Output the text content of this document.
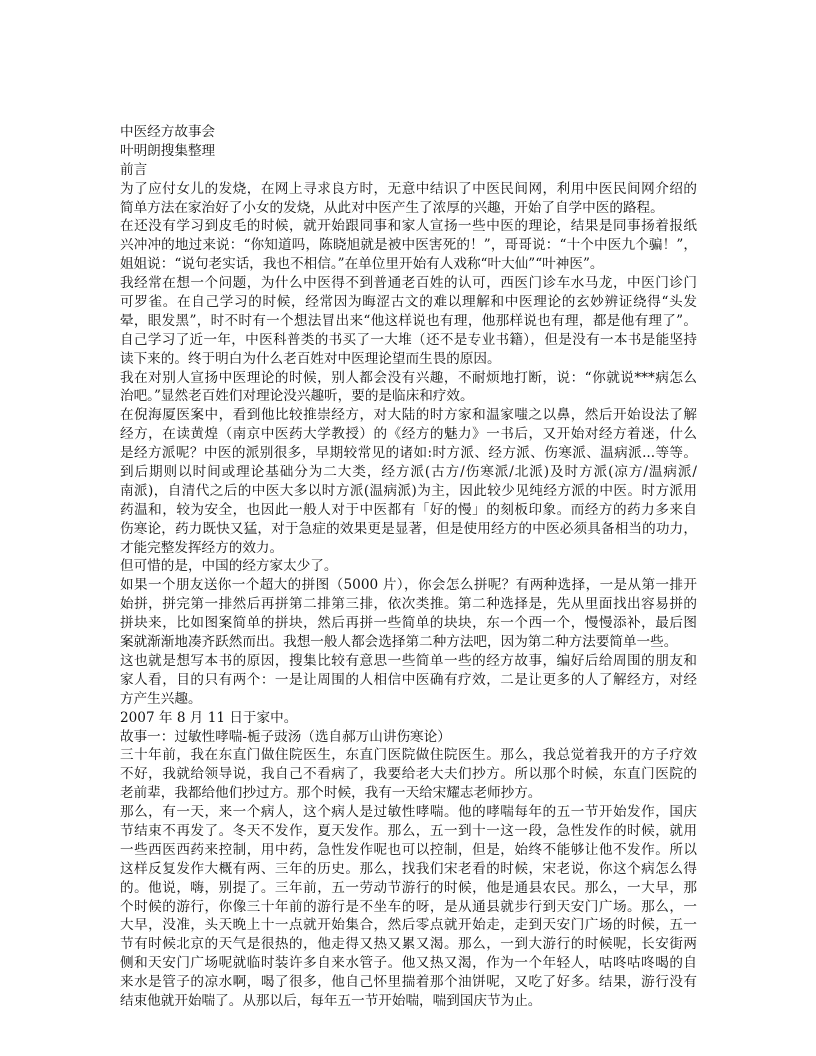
中医经方故事会
叶明朗搜集整理
前言
为了应付女儿的发烧，在网上寻求良方时，无意中结识了中医民间网，利用中医民间网介绍的
简单方法在家治好了小女的发烧，从此对中医产生了浓厚的兴趣，开始了自学中医的路程。
在还没有学习到皮毛的时候，就开始跟同事和家人宣扬一些中医的理论，结果是同事扬着报纸
兴冲冲的地过来说：“你知道吗，陈晓旭就是被中医害死的！”，哥哥说：“十个中医九个骗！”，
姐姐说：“说句老实话，我也不相信。”在单位里开始有人戏称“叶大仙”“叶神医”。
我经常在想一个问题，为什么中医得不到普通老百姓的认可，西医门诊车水马龙，中医门诊门
可罗雀。在自己学习的时候，经常因为晦涩古文的难以理解和中医理论的玄妙辨证绕得“头发
晕，眼发黑”，时不时有一个想法冒出来“他这样说也有理，他那样说也有理，都是他有理了”。
自己学习了近一年，中医科普类的书买了一大堆（还不是专业书籍），但是没有一本书是能坚持
读下来的。终于明白为什么老百姓对中医理论望而生畏的原因。
我在对别人宣扬中医理论的时候，别人都会没有兴趣，不耐烦地打断，说：“你就说***病怎么
治吧。”显然老百姓们对理论没兴趣听，要的是临床和疗效。
在倪海厦医案中，看到他比较推崇经方，对大陆的时方家和温家嗤之以鼻，然后开始设法了解
经方，在读黄煌（南京中医药大学教授）的《经方的魅力》一书后，又开始对经方着迷，什么
是经方派呢？中医的派别很多，早期较常见的诸如:时方派、经方派、伤寒派、温病派...等等。
到后期则以时间或理论基础分为二大类，经方派(古方/伤寒派/北派)及时方派(凉方/温病派/
南派)，自清代之后的中医大多以时方派(温病派)为主，因此较少见纯经方派的中医。时方派用
药温和，较为安全，也因此一般人对于中医都有「好的慢」的刻板印象。而经方的药力多来自
伤寒论，药力既快又猛，对于急症的效果更是显著，但是使用经方的中医必须具备相当的功力，
才能完整发挥经方的效力。
但可惜的是，中国的经方家太少了。
如果一个朋友送你一个超大的拼图（5000 片），你会怎么拼呢？有两种选择，一是从第一排开
始拼，拼完第一排然后再拼第二排第三排，依次类推。第二种选择是，先从里面找出容易拼的
拼块来，比如图案简单的拼块，然后再拼一些简单的块块，东一个西一个，慢慢添补，最后图
案就渐渐地凑齐跃然而出。我想一般人都会选择第二种方法吧，因为第二种方法要简单一些。
这也就是想写本书的原因，搜集比较有意思一些简单一些的经方故事，编好后给周围的朋友和
家人看，目的只有两个：一是让周围的人相信中医确有疗效，二是让更多的人了解经方，对经
方产生兴趣。
2007 年 8 月 11 日于家中。
故事一：过敏性哮喘-栀子豉汤（选自郝万山讲伤寒论）
三十年前，我在东直门做住院医生，东直门医院做住院医生。那么，我总觉着我开的方子疗效
不好，我就给领导说，我自己不看病了，我要给老大夫们抄方。所以那个时候，东直门医院的
老前辈，我都给他们抄过方。那个时候，我有一天给宋耀志老师抄方。
那么，有一天，来一个病人，这个病人是过敏性哮喘。他的哮喘每年的五一节开始发作，国庆
节结束不再发了。冬天不发作，夏天发作。那么，五一到十一这一段，急性发作的时候，就用
一些西医西药来控制，用中药，急性发作呢也可以控制，但是，始终不能够让他不发作。所以
这样反复发作大概有两、三年的历史。那么，找我们宋老看的时候，宋老说，你这个病怎么得
的。他说，嗨，别提了。三年前，五一劳动节游行的时候，他是通县农民。那么，一大早，那
个时候的游行，你像三十年前的游行是不坐车的呀，是从通县就步行到天安门广场。那么，一
大早，没准，头天晚上十一点就开始集合，然后零点就开始走，走到天安门广场的时候，五一
节有时候北京的天气是很热的，他走得又热又累又渴。那么，一到大游行的时候呢，长安街两
侧和天安门广场呢就临时装许多自来水管子。他又热又渴，作为一个年轻人，咕咚咕咚喝的自
来水是管子的凉水啊，喝了很多，他自己怀里揣着那个油饼呢，又吃了好多。结果，游行没有
结束他就开始喘了。从那以后，每年五一节开始喘，喘到国庆节为止。
